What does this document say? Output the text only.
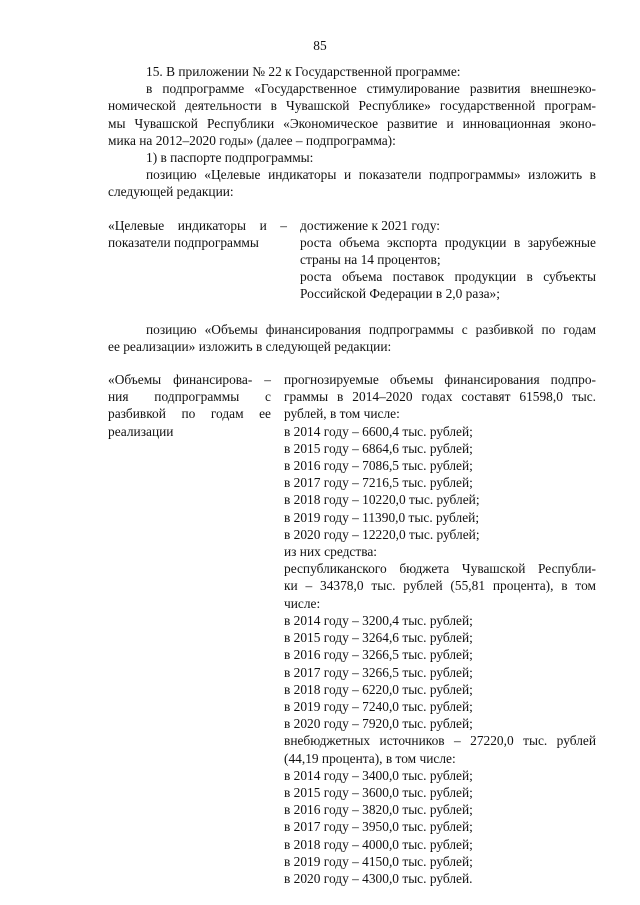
85

15. В приложении № 22 к Государственной программе:

в подпрограмме «Государственное стимулирование развития внешнеэко-
номической деятельности в Чувашской Республике» государственной програм-
мы Чувашской Республики «Экономическое развитие и инновационная эконо-
мика на 2012–2020 годы» (далее – подпрограмма):

1) в паспорте подпрограммы:

позицию «Целевые индикаторы и показатели подпрограммы» изложить в
следующей редакции:
«Целевые индикаторы и –
показатели подпрограммы
достижение к 2021 году:
роста объема экспорта продукции в зарубежные
страны на 14 процентов;
роста объема поставок продукции в субъекты
Российской Федерации в 2,0 раза»;
позицию «Объемы финансирования подпрограммы с разбивкой по годам
ее реализации» изложить в следующей редакции:
«Объемы финансирова- –
ния подпрограммы с
разбивкой по годам ее
реализации
прогнозируемые объемы финансирования подпро-
граммы в 2014–2020 годах составят 61598,0 тыс.
рублей, в том числе:
в 2014 году – 6600,4 тыс. рублей;
в 2015 году – 6864,6 тыс. рублей;
в 2016 году – 7086,5 тыс. рублей;
в 2017 году – 7216,5 тыс. рублей;
в 2018 году – 10220,0 тыс. рублей;
в 2019 году – 11390,0 тыс. рублей;
в 2020 году – 12220,0 тыс. рублей;
из них средства:
республиканского бюджета Чувашской Республи-
ки – 34378,0 тыс. рублей (55,81 процента), в том
числе:
в 2014 году – 3200,4 тыс. рублей;
в 2015 году – 3264,6 тыс. рублей;
в 2016 году – 3266,5 тыс. рублей;
в 2017 году – 3266,5 тыс. рублей;
в 2018 году – 6220,0 тыс. рублей;
в 2019 году – 7240,0 тыс. рублей;
в 2020 году – 7920,0 тыс. рублей;
внебюджетных источников – 27220,0 тыс. рублей
(44,19 процента), в том числе:
в 2014 году – 3400,0 тыс. рублей;
в 2015 году – 3600,0 тыс. рублей;
в 2016 году – 3820,0 тыс. рублей;
в 2017 году – 3950,0 тыс. рублей;
в 2018 году – 4000,0 тыс. рублей;
в 2019 году – 4150,0 тыс. рублей;
в 2020 году – 4300,0 тыс. рублей.
